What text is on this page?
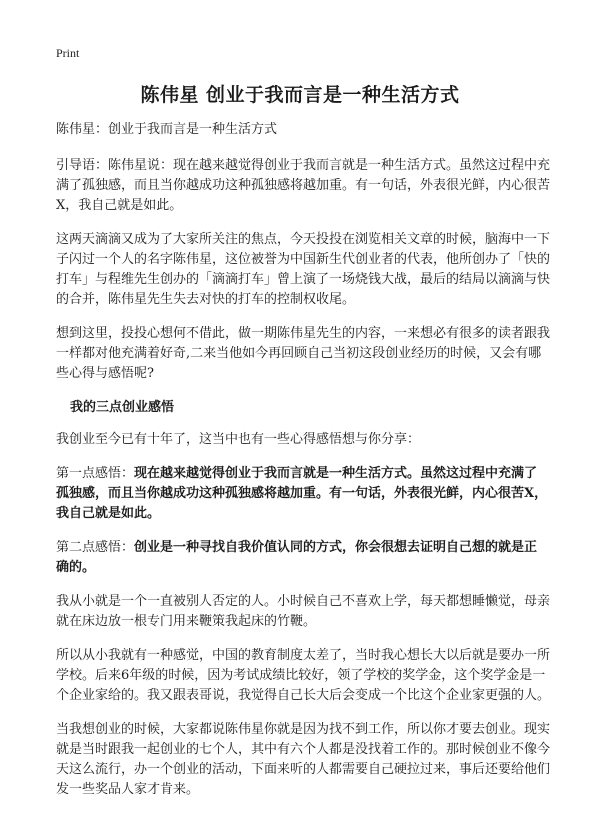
Print
陈伟星 创业于我而言是一种生活方式

陈伟星：创业于我而言是一种生活方式

引导语：陈伟星说：现在越来越觉得创业于我而言就是一种生活方式。虽然这过程中充满了孤独感，而且当你越成功这种孤独感将越加重。有一句话，外表很光鲜，内心很苦X，我自己就是如此。

这两天滴滴又成为了大家所关注的焦点，今天投投在浏览相关文章的时候，脑海中一下子闪过一个人的名字陈伟星，这位被誉为中国新生代创业者的代表，他所创办了「快的打车」与程维先生创办的「滴滴打车」曾上演了一场烧钱大战，最后的结局以滴滴与快的合并，陈伟星先生失去对快的打车的控制权收尾。

想到这里，投投心想何不借此，做一期陈伟星先生的内容，一来想必有很多的读者跟我一样都对他充满着好奇,二来当他如今再回顾自己当初这段创业经历的时候，又会有哪些心得与感悟呢?

我的三点创业感悟

我创业至今已有十年了，这当中也有一些心得感悟想与你分享：

第一点感悟：现在越来越觉得创业于我而言就是一种生活方式。虽然这过程中充满了孤独感，而且当你越成功这种孤独感将越加重。有一句话，外表很光鲜，内心很苦X，我自己就是如此。

第二点感悟：创业是一种寻找自我价值认同的方式，你会很想去证明自己想的就是正确的。

我从小就是一个一直被别人否定的人。小时候自己不喜欢上学，每天都想睡懒觉，母亲就在床边放一根专门用来鞭策我起床的竹鞭。

所以从小我就有一种感觉，中国的教育制度太差了，当时我心想长大以后就是要办一所学校。后来6年级的时候，因为考试成绩比较好，领了学校的奖学金，这个奖学金是一个企业家给的。我又跟表哥说，我觉得自己长大后会变成一个比这个企业家更强的人。

当我想创业的时候，大家都说陈伟星你就是因为找不到工作，所以你才要去创业。现实就是当时跟我一起创业的七个人，其中有六个人都是没找着工作的。那时候创业不像今天这么流行，办一个创业的活动，下面来听的人都需要自己硬拉过来，事后还要给他们发一些奖品人家才肯来。
